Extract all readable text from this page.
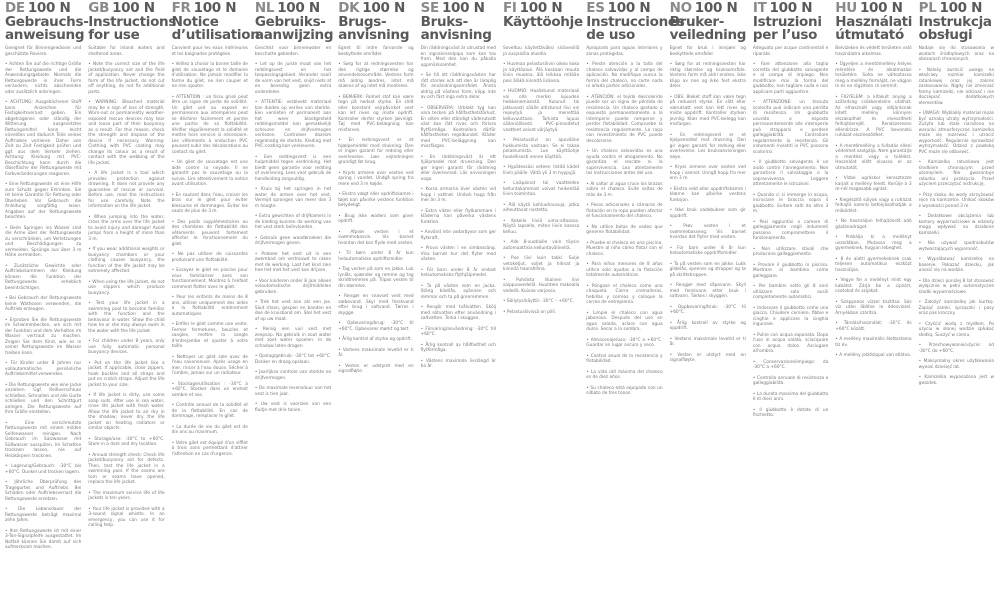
DE 100 N
Gebrauchs-
anweisung

Geeignet für Binnengewässer und geschützte Reviere.

• Achten Sie auf die richtige Größe der Rettungsweste und die Anwendungsgebiete. Niemals die Rettungsweste in ihrer Form verändern, nichts abschneiden oder zusätzlich anbringen.

• ACHTUNG: Ausgeblichener Stoff kann Anzeichen für Festigkeitsverlust geben. Ein abgetragenes oder ständig der Witterung ausgesetztes Rettungsmittel kann leicht einreißen und dadurch Teile seines Auftriebes verlieren. Daher von Zeit zu Zeit Festigkeit prüfen und ggf. aus dem Verkehr ziehen. Achtung: Kleidung mit PVC-Beschichtung kann durch die Oberfläche der Rettungsweste mit Farbveränderungen reagieren.

• Eine Rettungsweste ist eine Hilfe zum Schutz gegen Ertrinken. Sie ist keine Garantie für Rettung oder Überleben. Vor Gebrauch die Anleitung sorgfältig lesen. Angaben auf der Rettungsweste beachten.

• Beim Springen ins Wasser sind die Arme über der Rettungsweste zu verschränken, um Verletzungen und Beschädigungen zu vermeiden. Sprünge aus über 3 m Höhe vermeiden.

• Zusätzliche Gewichte oder Auftriebskammern der Kleidung können die Funktion der Rettungsweste erheblich beeinträchtigen.

• Bei Gebrauch der Rettungsweste keine Wathosen verwenden, die Auftrieb erzeugen.

• Erproben Sie die Rettungsweste im Schwimmbecken, um sich mit der Funktion und dem Verhalten im Wasser vertraut zu machen. Zeigen Sie dem Kind, wie es in seiner Rettungsweste im Wasser treiben kann.

• Für Kinder unter 8 Jahren nur vollautomatische persönliche Auftriebsmittel verwenden.

• Die Rettungsweste wie eine Jacke anziehen. Ggf. Reißverschluss schließen, Schnallen und alle Gurte schließen und den Schrittgurt anlegen. Die Rettungsweste auf Ihre Größe einstellen.

• Eine verschmutzte Rettungsweste mit einem milden Seifenwasser reinigen. Nach Gebrauch im Salzwasser mit Süßwasser ausspülen. Im Schatten trocknen lassen, nie auf Heizkörpern trocknen.

• Lagerung/Gebrauch: -30°C bis +60°C. Dunkel und trocken lagern.

• Jährliche Überprüfung des Tragegurtes und Auftriebs. Bei Schäden oder Auftriebsverlust die Rettungsweste ersetzen.

• Die Lebensdauer der Rettungsweste beträgt maximal zehn Jahre.

• Ihre Rettungsweste ist mit einer 3-Ton-Signalpfeife ausgestattet. Im Notfall können Sie damit auf sich aufmerksam machen.

GB 100 N
Instructions
for use

Suitable for inland waters and sheltered areas.

• Note the correct size of the life jacket/buoyancy aid and the field of application. Never change the form of the life jacket, do not cut off anything, do not fix additional parts.

• WARNING: Bleached material may be a sign of loss of strength. Worn-out or permanently weather-exposed rescue devices may tear and loose part of their buoyancy as a result. For this reason, check the strength and dispose of the device if necessary. Warning: Clothing with PVC coating may change its colour as a result of contact with the webbing of the life jacket.

• A life jacket is a tool which provides protection against drowning. It does not provide any guarantee of rescue or survival. Before use, read the instructions for use carefully. Note the information on the life jacket.

• When jumping into the water, cross the arms over the life jacket to avoid injury and damage! Avoid jumps from a height of more than 3 m.

• If you wear additional weights or buoyancy chambers or your clothing causes buoyancy, the function of the life jacket may be extremely affected.

• When using the life jacket, do not use slippers which produce buoyancy.

• Test your life jacket in a swimming pool to become familiar with the function and the behaviour in water. Show the child how he or she may always swim in the water with the life jacket.

• For children under 8 years, only use fully automatic personal buoyancy devices.

• Put on the life jacket like a jacket. If applicable, close zippers, hook buckles and all straps and put on crotch straps. Adjust the life jacket to your size.

• If life jacket is dirty, use some soap suds. After use in sea water, rinse life jacket with fresh water. Allow the life jacket to air dry in the shadow; never dry the life jacket on heating radiators or similar objects.

• Storage/use: -30°C to +60°C. Store in a dark and dry location.

• Annual strength check: Check life jacket/buoyancy aid for defects. Then, test the life jacket in a swimming pool. If the seams are torn or seams have opened, replace the life jacket.

• The maximum service life of life jackets is ten years.

• Your life jacket is provided with a 3-sound signal whistle. In an emergency, you can use it for calling help.

FR 100 N
Notice
d’utilisation

Convient pour les eaux intérieures et les baignades protégées.

• Veillez à choisir la bonne taille de gilet de sauvetage et le domaine d'utilisation. Ne jamais modifier la forme du gilet, ne rien couper et ne rien ajouter.

• ATTENTION : un tissu grisé peut être un signe de perte de solidité. Un gilet usé ou exposé en permanence aux intempéries peut se déchirer facilement et perdre une partie de sa flottabilité. Vérifier régulièrement la solidité et mettre hors service si nécessaire. Les vêtements à enduction PVC peuvent subir des décolorations au contact du gilet.

• Un gilet de sauvetage est une aide contre la noyade. Il ne garantit pas le sauvetage ou la survie. Lire attentivement la notice avant utilisation.

• En sautant dans l'eau, croiser les bras sur le gilet pour éviter blessures et dommages. Éviter les sauts de plus de 3 m.

• Des poids supplémentaires ou des chambres de flottabilité des vêtements peuvent fortement affecter le fonctionnement du gilet.

• Ne pas utiliser de cuissardes produisant une flottabilité.

• Essayez le gilet en piscine pour vous familiariser avec son fonctionnement. Montrez à l'enfant comment flotter avec le gilet.

• Pour les enfants de moins de 8 ans, utiliser uniquement des aides à la flottabilité entièrement automatiques.

• Enfiler le gilet comme une veste. Fermer fermetures, boucles et sangles, mettre la sangle d'entrejambe et ajuster à votre taille.

• Nettoyer un gilet sale avec de l'eau savonneuse. Après usage en mer, rincer à l'eau douce. Sécher à l'ombre, jamais sur un radiateur.

• Stockage/utilisation : -30°C à +60°C. Stocker dans un endroit sombre et sec.

• Contrôle annuel de la solidité et de la flottabilité. En cas de dommage, remplacer le gilet.

• La durée de vie du gilet est de dix ans au maximum.

• Votre gilet est équipé d'un sifflet à trois sons permettant d'attirer l'attention en cas d'urgence.

NL 100 N
Gebruiks-
aanwijzing

Geschikt voor binnenwater en beschutte gebieden.

• Let op de juiste maat van het reddingsvest en het toepassingsgebied. Verander nooit de vorm van het vest, snijd niets af en bevestig geen extra onderdelen.

• ATTENTIE: verbleekt materiaal kan duiden op verlies van sterkte. Een versleten of permanent aan het weer blootgesteld reddingsmiddel kan gemakkelijk scheuren en drijfvermogen verliezen. Controleer daarom regelmatig de sterkte. Kleding met PVC-coating kan verkleuren.

• Een reddingsvest is een hulpmiddel tegen verdrinking. Het biedt geen garantie voor redding of overleving. Lees voor gebruik de handleiding zorgvuldig.

• Kruis bij het springen in het water de armen over het vest. Vermijd sprongen van meer dan 3 m hoogte.

• Extra gewichten of drijfkamers in de kleding kunnen de werking van het vest sterk beïnvloeden.

• Gebruik geen waadbroeken die drijfvermogen geven.

• Probeer het vest uit in een zwembad om vertrouwd te raken met de werking. Laat het kind zien hoe het met het vest kan drijven.

• Voor kinderen onder 8 jaar alleen volautomatische drijfmiddelen gebruiken.

• Trek het vest aan als een jas. Sluit ritsen, gespen en banden en doe de kruisband om. Stel het vest af op uw maat.

• Reinig een vuil vest met zeepsop. Na gebruik in zout water met zoet water spoelen. In de schaduw laten drogen.

• Opslag/gebruik: -30°C tot +60°C. Donker en droog opslaan.

• Jaarlijkse controle van sterkte en drijfvermogen.

• De maximale levensduur van het vest is tien jaar.

• Uw vest is voorzien van een fluitje met drie tonen.

DK 100 N
Brugs-
anvisning

Egnet til indre farvande og beskyttede områder.

• Sørg for at redningsvesten har den rigtige størrelse og anvendelsesområde. Vestens form må aldrig ændres, intet må skæres af og intet må monteres.

• BEMÆRK: Falmet stof kan være tegn på nedsat styrke. En slidt eller konstant vejrpåvirket vest kan let rives og miste opdrift. Kontroller derfor styrken jævnligt. Tøj med PVC-belægning kan misfarves.

• En redningsvest er et hjælpemiddel mod drukning. Den er ingen garanti for redning eller overlevelse. Læs vejledningen grundigt før brug.

• Kryds armene over vesten ved spring i vandet. Undgå spring fra mere end 3 m højde.

• Ekstra vægt eller opdriftskamre i tøjet kan påvirke vestens funktion betydeligt.

• Brug ikke waders som giver opdrift.

• Afprøv vesten i et svømmebassin. Vis barnet hvordan det kan flyde med vesten.

• Til børn under 8 år kun helautomatiske opdriftsmidler.

• Tag vesten på som en jakke. Luk lynlås, spænder og remme og tag skridtremmen på. Tilpas vesten til din størrelse.

• Rengør en snavset vest med sæbevand. Skyl med ferskvand efter brug i saltvand. Tørres i skygge.

• Opbevaring/brug: -30°C til +60°C. Opbevares mørkt og tørt.

• Årlig kontrol af styrke og opdrift.

• Vestens maksimale levetid er ti år.

• Vesten er udstyret med en signalfløjte.

SE 100 N
Bruks-
anvisning

Din räddningsväst är utrustad med en signalvisselpipa som kan tas fram. Med den kan du påkalla uppmärksamhet.

• Se till att räddningsvästen har rätt storlek och att den är lämplig för användningsområdet. Ändra aldrig på västens form, klipp inte av och fäst inga extra delar.

• OBSERVERA: Urblekt tyg kan vara tecken på hållfasthetsförlust. En sliten eller ständigt väderutsatt väst kan lätt rivas och förlora flytförmåga. Kontrollera därför hållfastheten regelbundet. Kläder med PVC-beläggning kan missfärgas.

• En räddningsväst är ett hjälpmedel mot drunkning. Den ger ingen garanti för räddning eller överlevnad. Läs anvisningen noga.

• Korsa armarna över västen vid hopp i vattnet. Undvik hopp från mer än 3 m.

• Extra vikter eller flytkammare i kläderna kan påverka västens funktion.

• Använd inte vadarbyxor som ger flytkraft.

• Prova västen i en simbassäng. Visa barnet hur det flyter med västen.

• För barn under 8 år endast helautomatiska flythjälpmedel.

• Ta på västen som en jacka. Stäng blixtlås, spännen och remmar och ta på grenremmen.

• Rengör med tvålvatten. Skölj med sötvatten efter användning i saltvatten. Torka i skuggan.

• Förvaring/användning: -30°C till +60°C.

• Årlig kontroll av hållfasthet och flytförmåga.

• Västens maximala livslängd är tio år.

FI 100 N
Käyttöohje

Soveltuu käytettäväksi sisävesillä ja suojaisilla alueilla.

• Huomaa pelastusliivin oikea koko ja käyttöalue. Älä koskaan muuta liivin muotoa, älä leikkaa mitään pois äläkä kiinnitä lisäosia.

• HUOMIO: Haalistunut materiaali voi olla merkki lujuuden heikkenemisestä. Kulunut tai jatkuvasti säälle altistunut liivi voi repeytyä ja menettää kelluvuuttaan. Tarkista lujuus säännöllisesti. PVC-pinnoitetut vaatteet voivat värjäytyä.

• Pelastusliivi on apuväline hukkumista vastaan. Se ei takaa pelastumista. Lue käyttöohje huolellisesti ennen käyttöä.

• Hypätessäsi veteen ristitä kädet liivin päälle. Vältä yli 3 m hyppyjä.

• Lisäpainot tai vaatteiden kelluntakammiot voivat heikentää liivin toimintaa.

• Älä käytä kahluuhousuja, jotka aiheuttavat nostetta.

• Kokeile liiviä uima-altaassa. Näytä lapselle, miten liivin kanssa kelluu.

• Alle 8-vuotiaille vain täysin automaattisia kelluntavälineitä.

• Pue liivi kuin takki. Sulje vetoketjut, soljet ja hihnat ja kiinnitä haarahihna.

• Puhdista likainen liivi saippuavedellä. Huuhtele makealla vedellä. Kuivaa varjossa.

• Säilytys/käyttö: -30°C – +60°C.

• Pelastusliivissä on pilli.

ES 100 N
Instrucciones
de uso

Apropiado para aguas interiores y zonas protegidas.

• Preste atención a la talla del chaleco salvavidas y al campo de aplicación. No modifique nunca la forma del chaleco, no corte nada ni añada partes adicionales.

• ATENCIÓN: el tejido descolorido puede ser un signo de pérdida de resistencia. Un chaleco gastado o expuesto permanentemente a la intemperie puede romperse y perder flotabilidad. Compruebe la resistencia regularmente. La ropa con revestimiento de PVC puede decolorarse.

• Un chaleco salvavidas es una ayuda contra el ahogamiento. No garantiza el rescate ni la supervivencia. Lea atentamente las instrucciones antes del uso.

• Al saltar al agua cruce los brazos sobre el chaleco. Evite saltos de más de 3 m.

• Pesos adicionales o cámaras de flotación en la ropa pueden afectar el funcionamiento del chaleco.

• No utilice botas de vadeo que generen flotabilidad.

• Pruebe el chaleco en una piscina. Muestre al niño cómo flotar con el chaleco.

• Para niños menores de 8 años utilice solo ayudas a la flotación totalmente automáticas.

• Póngase el chaleco como una chaqueta. Cierre cremalleras, hebillas y correas y coloque la correa de entrepierna.

• Limpie el chaleco con agua jabonosa. Después del uso en agua salada, aclare con agua dulce. Secar a la sombra.

• Almacenaje/uso: -30°C a +60°C. Guardar en lugar oscuro y seco.

• Control anual de la resistencia y flotabilidad.

• La vida útil máxima del chaleco es de diez años.

• Su chaleco está equipado con un silbato de tres tonos.

NO 100 N
Bruker-
veiledning

Egnet for bruk i innsjøer og beskyttede områder.

• Sørg for at redningsvesten har riktig størrelse og bruksområde. Vestens form må aldri endres, ikke klipp av noe og ikke fest ekstra deler.

• OBS: Bleket stoff kan være tegn på redusert styrke. En slitt eller værutsatt vest kan lett rives og miste oppdrift. Kontroller styrken jevnlig. Klær med PVC-belegg kan misfarges.

• En redningsvest er et hjelpemiddel mot drukning. Den gir ingen garanti for redning eller overlevelse. Les bruksanvisningen nøye.

• Kryss armene over vesten ved hopp i vannet. Unngå hopp fra mer enn 3 m.

• Ekstra vekt eller oppdriftskamre i klærne kan påvirke vestens funksjon.

• Ikke bruk vadebukser som gir oppdrift.

• Prøv vesten i et svømmebasseng. Vis barnet hvordan det flyter med vesten.

• For barn under 8 år kun helautomatiske oppdriftsmidler.

• Ta på vesten som en jakke. Lukk glidelås, spenner og stropper og ta på skrittstroppen.

• Rengjør med såpevann. Skyll med ferskvann etter bruk i saltvann. Tørkes i skyggen.

• Oppbevaring/bruk: -30°C til +60°C.

• Årlig kontroll av styrke og oppdrift.

• Vestens maksimale levetid er ti år.

• Vesten er utstyrt med en signalfløyte.

IT 100 N
Istruzioni
per l’uso

Adeguato per acque continentali e riparate.

• Fare attenzione alla taglia corretta del giubbotto salvagente e al campo di impiego. Non modificare mai la forma del giubbotto, non tagliare nulla e non applicare parti aggiuntive.

• ATTENZIONE: un tessuto scolorito può indicare una perdita di resistenza. Un giubbotto usurato o esposto permanentemente alle intemperie può strapparsi e perdere galleggiabilità. Controllare regolarmente la resistenza. Gli indumenti rivestiti in PVC possono scolorirsi.

• Il giubbotto salvagente è un aiuto contro l'annegamento. Non garantisce il salvataggio o la sopravvivenza. Leggere attentamente le istruzioni.

• Quando ci si immerge in acqua, incrociare le braccia sopra il giubbotto. Evitare salti da oltre 3 m.

• Pesi aggiuntivi o camere di galleggiamento negli indumenti possono compromettere il funzionamento.

• Non utilizzare stivali che producono galleggiamento.

• Provare il giubbotto in piscina. Mostrare al bambino come galleggiare.

• Per bambini sotto gli 8 anni utilizzare solo ausili completamente automatici.

• Indossare il giubbotto come una giacca. Chiudere cerniere, fibbie e cinghie e applicare la cinghia inguinale.

• Pulire con acqua saponata. Dopo l'uso in acqua salata, sciacquare con acqua dolce. Asciugare all'ombra.

• Conservazione/impiego: da -30°C a +60°C.

• Controllo annuale di resistenza e galleggiabilità.

• La durata massima del giubbotto è di dieci anni.

• Il giubbotto è dotato di un fischietto.

HU 100 N
Használati
útmutató

Belvízeken és védett területen való használatra alkalmas.

• Ügyeljen a mentőmellény helyes méretére és alkalmazási területére. Soha ne változtassa meg a mellény formáját, ne vágjon le és ne rögzítsen rá semmit.

• FIGYELEM: a kifakult anyag a szilárdság csökkenésére utalhat. Az elhasznált vagy időjárásnak kitett mellény könnyen elszakadhat és elveszítheti felhajtóerejét. Rendszeresen ellenőrizze. A PVC bevonatú ruházat elszíneződhet.

• A mentőmellény a fulladás elleni védelmet szolgálja. Nem garantálja a mentést vagy a túlélést. Használat előtt olvassa el az útmutatót.

• Vízbe ugráskor keresztezze karjait a mellény felett. Kerülje a 3 m-nél magasabb ugrást.

• Kiegészítő súlyok vagy a ruházat felhajtó kamrái befolyásolhatják a működést.

• Ne használjon felhajtóerőt adó gázlónadrágot.

• Próbálja ki a mellényt uszodában. Mutassa meg a gyermeknek, hogyan lebeghet.

• 8 év alatti gyermekeknek csak teljesen automatikus eszközt használjon.

• Vegye fel a mellényt mint egy kabátot. Zárja be a cipzárt, csatokat és szíjakat.

• Szappanos vízzel tisztítsa. Sós víz után öblítse le édesvízzel. Árnyékban szárítsa.

• Tárolás/használat: -30°C és +60°C között.

• A mellény maximális élettartama tíz év.

• A mellény jelzősíppal van ellátva.

PL 100 N
Instrukcja
obsługi

Nadaje się do stosowania w wodach śródlądowych oraz na obszarach chronionych.

• Należy zwrócić uwagę na właściwy rozmiar kamizelki ratunkowej oraz jej zakres zastosowania. Nigdy nie zmieniać formy kamizelki, nie odcinać i nie doczepiać dodatkowych elementów.

• UWAGA: Wyblakły materiał może być oznaką utraty wytrzymałości. Zużyta lub stale narażona na warunki atmosferyczne kamizelka może się rozerwać i utracić wyporność. Regularnie sprawdzać wytrzymałość. Odzież z powłoką PVC może się odbarwić.

• Kamizelka ratunkowa jest środkiem chroniącym przed utonięciem. Nie gwarantuje ratunku ani przeżycia. Przed użyciem przeczytać instrukcję.

• Przy skoku do wody skrzyżować ręce na kamizelce. Unikać skoków z wysokości ponad 3 m.

• Dodatkowe obciążenia lub komory wypornościowe w odzieży mogą wpływać na działanie kamizelki.

• Nie używać spodniobutów wytwarzających wyporność.

• Wypróbować kamizelkę na basenie. Pokazać dziecku, jak unosić się na wodzie.

• Dla dzieci poniżej 8 lat stosować wyłącznie w pełni automatyczne środki wypornościowe.

• Założyć kamizelkę jak kurtkę. Zapiąć zamki, sprzączki i pasy oraz pas kroczny.

• Czyścić wodą z mydłem. Po użyciu w słonej wodzie spłukać słodką. Suszyć w cieniu.

• Przechowywanie/użycie: od -30°C do +60°C.

• Maksymalny okres użytkowania wynosi dziesięć lat.

• Kamizelka wyposażona jest w gwizdek.
